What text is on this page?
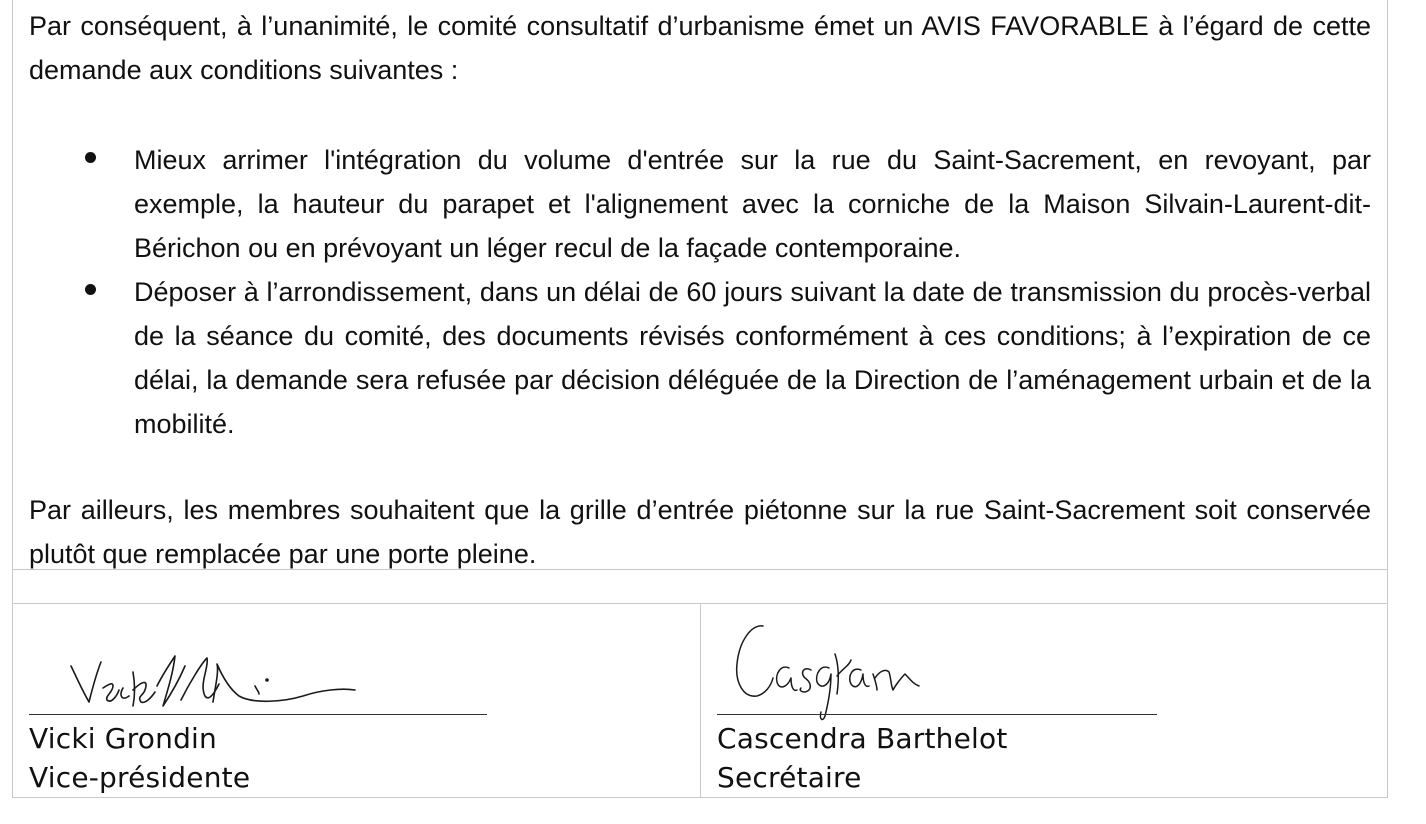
Par conséquent, à l’unanimité, le comité consultatif d’urbanisme émet un AVIS FAVORABLE à l’égard de cette demande aux conditions suivantes :

Mieux arrimer l'intégration du volume d'entrée sur la rue du Saint-Sacrement, en revoyant, par exemple, la hauteur du parapet et l'alignement avec la corniche de la Maison Silvain-Laurent-dit-Bérichon ou en prévoyant un léger recul de la façade contemporaine.
Déposer à l’arrondissement, dans un délai de 60 jours suivant la date de transmission du procès-verbal de la séance du comité, des documents révisés conformément à ces conditions; à l’expiration de ce délai, la demande sera refusée par décision déléguée de la Direction de l’aménagement urbain et de la mobilité.

Par ailleurs, les membres souhaitent que la grille d’entrée piétonne sur la rue Saint-Sacrement soit conservée plutôt que remplacée par une porte pleine.

Vicki Grondin
Vice-présidente
Cascendra Barthelot
Secrétaire
